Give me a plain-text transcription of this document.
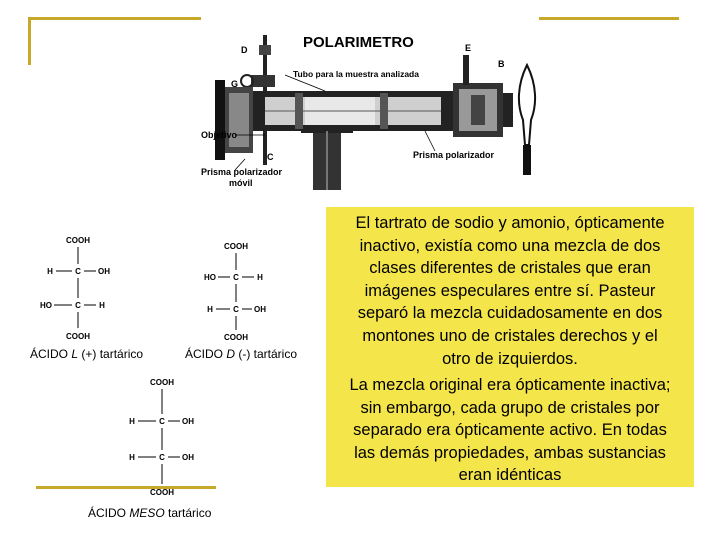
POLARIMETRO
Tubo para la muestra analizada
Objetivo
Prisma polarizador
Prisma polarizador
móvil
D	E
B
C
G
COOH
H	C OH
HO	C H
COOH
COOH
HO C H
H	C OH
COOH
COOH
H	C OH
H	C OH
COOH
ÁCIDO L (+) tartárico	ÁCIDO D (-) tartárico
ÁCIDO MESO tartárico
El tartrato de sodio y amonio, ópticamente
inactivo, existía como una mezcla de dos
clases diferentes de cristales que eran
imágenes especulares entre sí. Pasteur
separó la mezcla cuidadosamente en dos
montones uno de cristales derechos y el
otro de izquierdos.
La mezcla original era ópticamente inactiva;
sin embargo, cada grupo de cristales por
separado era ópticamente activo. En todas
las demás propiedades, ambas sustancias
eran idénticas
